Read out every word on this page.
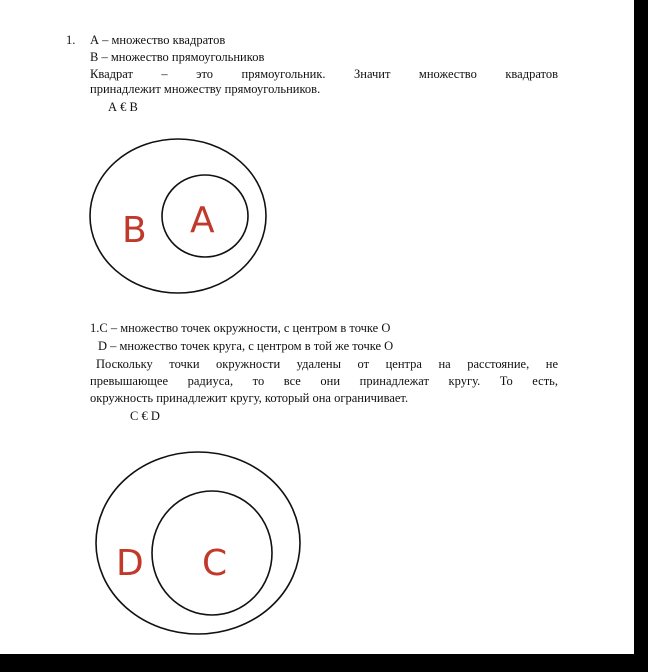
1. А – множество квадратов
В – множество прямоугольников
Квадрат – это прямоугольник. Значит множество квадратов
принадлежит множеству прямоугольников.
А € В
B A
1.С – множество точек окружности, с центром в точке О
D – множество точек круга, с центром в той же точке О
Поскольку точки окружности удалены от центра на расстояние, не
превышающее радиуса, то все они принадлежат кругу. То есть,
окружность принадлежит кругу, который она ограничивает.
С € D
D C
